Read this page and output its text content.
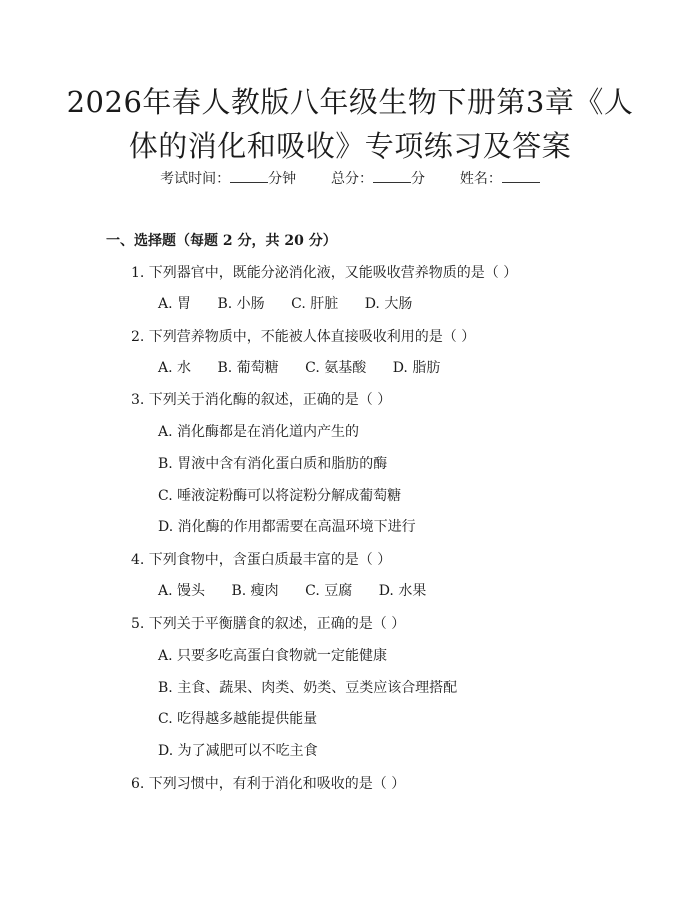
2026年春人教版八年级生物下册第3章《人体的消化和吸收》专项练习及答案
考试时间：	分钟 总分：	分 姓名：
一、选择题（每题 2 分，共 20 分）
1. 下列器官中，既能分泌消化液，又能吸收营养物质的是（ ）
A. 胃 B. 小肠 C. 肝脏 D. 大肠
2. 下列营养物质中，不能被人体直接吸收利用的是（ ）
A. 水 B. 葡萄糖 C. 氨基酸 D. 脂肪
3. 下列关于消化酶的叙述，正确的是（ ）
A. 消化酶都是在消化道内产生的
B. 胃液中含有消化蛋白质和脂肪的酶
C. 唾液淀粉酶可以将淀粉分解成葡萄糖
D. 消化酶的作用都需要在高温环境下进行
4. 下列食物中，含蛋白质最丰富的是（ ）
A. 馒头 B. 瘦肉 C. 豆腐 D. 水果
5. 下列关于平衡膳食的叙述，正确的是（ ）
A. 只要多吃高蛋白食物就一定能健康
B. 主食、蔬果、肉类、奶类、豆类应该合理搭配
C. 吃得越多越能提供能量
D. 为了减肥可以不吃主食
6. 下列习惯中，有利于消化和吸收的是（ ）
